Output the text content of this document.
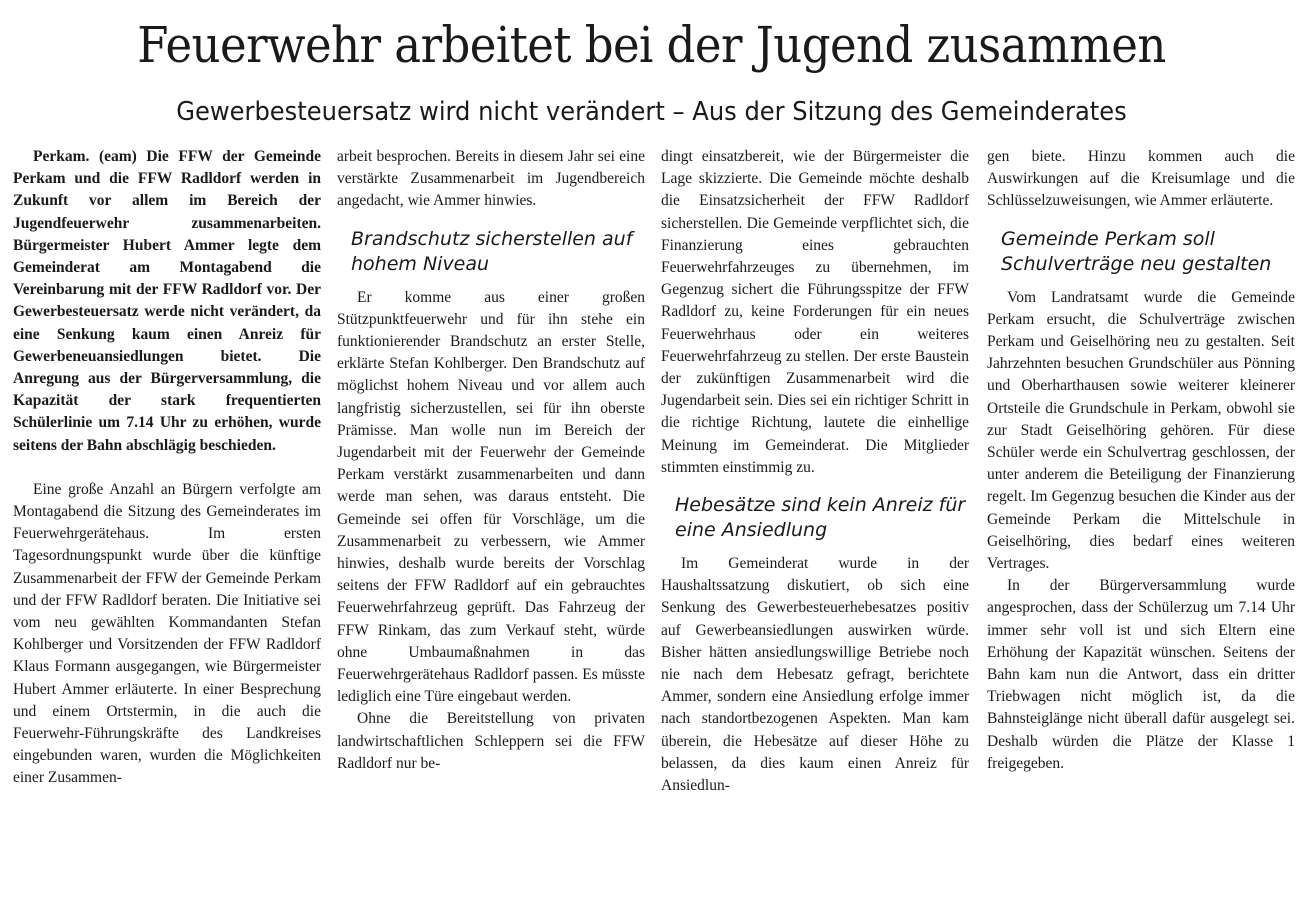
Feuerwehr arbeitet bei der Jugend zusammen
Gewerbesteuersatz wird nicht verändert – Aus der Sitzung des Gemeinderates

Perkam. (eam) Die FFW der Gemeinde Perkam und die FFW Radldorf werden in Zukunft vor allem im Bereich der Jugendfeuerwehr zusammenarbeiten. Bürgermeister Hubert Ammer legte dem Gemeinderat am Montagabend die Vereinbarung mit der FFW Radldorf vor. Der Gewerbesteuersatz werde nicht verändert, da eine Senkung kaum einen Anreiz für Gewerbeneuansiedlungen bietet. Die Anregung aus der Bürgerversammlung, die Kapazität der stark frequentierten Schülerlinie um 7.14 Uhr zu erhöhen, wurde seitens der Bahn abschlägig beschieden.

Eine große Anzahl an Bürgern verfolgte am Montagabend die Sitzung des Gemeinderates im Feuerwehrgerätehaus. Im ersten Tagesordnungspunkt wurde über die künftige Zusammenarbeit der FFW der Gemeinde Perkam und der FFW Radldorf beraten. Die Initiative sei vom neu gewählten Kommandanten Stefan Kohlberger und Vorsitzenden der FFW Radldorf Klaus Formann ausgegangen, wie Bürgermeister Hubert Ammer erläuterte. In einer Besprechung und einem Ortstermin, in die auch die Feuerwehr-Führungskräfte des Landkreises eingebunden waren, wurden die Möglichkeiten einer Zusammen-

arbeit besprochen. Bereits in diesem Jahr sei eine verstärkte Zusammenarbeit im Jugendbereich angedacht, wie Ammer hinwies.

Brandschutz sicherstellen auf hohem Niveau

Er komme aus einer großen Stützpunktfeuerwehr und für ihn stehe ein funktionierender Brandschutz an erster Stelle, erklärte Stefan Kohlberger. Den Brandschutz auf möglichst hohem Niveau und vor allem auch langfristig sicherzustellen, sei für ihn oberste Prämisse. Man wolle nun im Bereich der Jugendarbeit mit der Feuerwehr der Gemeinde Perkam verstärkt zusammenarbeiten und dann werde man sehen, was daraus entsteht. Die Gemeinde sei offen für Vorschläge, um die Zusammenarbeit zu verbessern, wie Ammer hinwies, deshalb wurde bereits der Vorschlag seitens der FFW Radldorf auf ein gebrauchtes Feuerwehrfahrzeug geprüft. Das Fahrzeug der FFW Rinkam, das zum Verkauf steht, würde ohne Umbaumaßnahmen in das Feuerwehrgerätehaus Radldorf passen. Es müsste lediglich eine Türe eingebaut werden.

Ohne die Bereitstellung von privaten landwirtschaftlichen Schleppern sei die FFW Radldorf nur be-

dingt einsatzbereit, wie der Bürgermeister die Lage skizzierte. Die Gemeinde möchte deshalb die Einsatzsicherheit der FFW Radldorf sicherstellen. Die Gemeinde verpflichtet sich, die Finanzierung eines gebrauchten Feuerwehrfahrzeuges zu übernehmen, im Gegenzug sichert die Führungsspitze der FFW Radldorf zu, keine Forderungen für ein neues Feuerwehrhaus oder ein weiteres Feuerwehrfahrzeug zu stellen. Der erste Baustein der zukünftigen Zusammenarbeit wird die Jugendarbeit sein. Dies sei ein richtiger Schritt in die richtige Richtung, lautete die einhellige Meinung im Gemeinderat. Die Mitglieder stimmten einstimmig zu.

Hebesätze sind kein Anreiz für eine Ansiedlung

Im Gemeinderat wurde in der Haushaltssatzung diskutiert, ob sich eine Senkung des Gewerbesteuerhebesatzes positiv auf Gewerbeansiedlungen auswirken würde. Bisher hätten ansiedlungswillige Betriebe noch nie nach dem Hebesatz gefragt, berichtete Ammer, sondern eine Ansiedlung erfolge immer nach standortbezogenen Aspekten. Man kam überein, die Hebesätze auf dieser Höhe zu belassen, da dies kaum einen Anreiz für Ansiedlun-

gen biete. Hinzu kommen auch die Auswirkungen auf die Kreisumlage und die Schlüsselzuweisungen, wie Ammer erläuterte.

Gemeinde Perkam soll Schulverträge neu gestalten

Vom Landratsamt wurde die Gemeinde Perkam ersucht, die Schulverträge zwischen Perkam und Geiselhöring neu zu gestalten. Seit Jahrzehnten besuchen Grundschüler aus Pönning und Oberharthausen sowie weiterer kleinerer Ortsteile die Grundschule in Perkam, obwohl sie zur Stadt Geiselhöring gehören. Für diese Schüler werde ein Schulvertrag geschlossen, der unter anderem die Beteiligung der Finanzierung regelt. Im Gegenzug besuchen die Kinder aus der Gemeinde Perkam die Mittelschule in Geiselhöring, dies bedarf eines weiteren Vertrages.

In der Bürgerversammlung wurde angesprochen, dass der Schülerzug um 7.14 Uhr immer sehr voll ist und sich Eltern eine Erhöhung der Kapazität wünschen. Seitens der Bahn kam nun die Antwort, dass ein dritter Triebwagen nicht möglich ist, da die Bahnsteiglänge nicht überall dafür ausgelegt sei. Deshalb würden die Plätze der Klasse 1 freigegeben.
